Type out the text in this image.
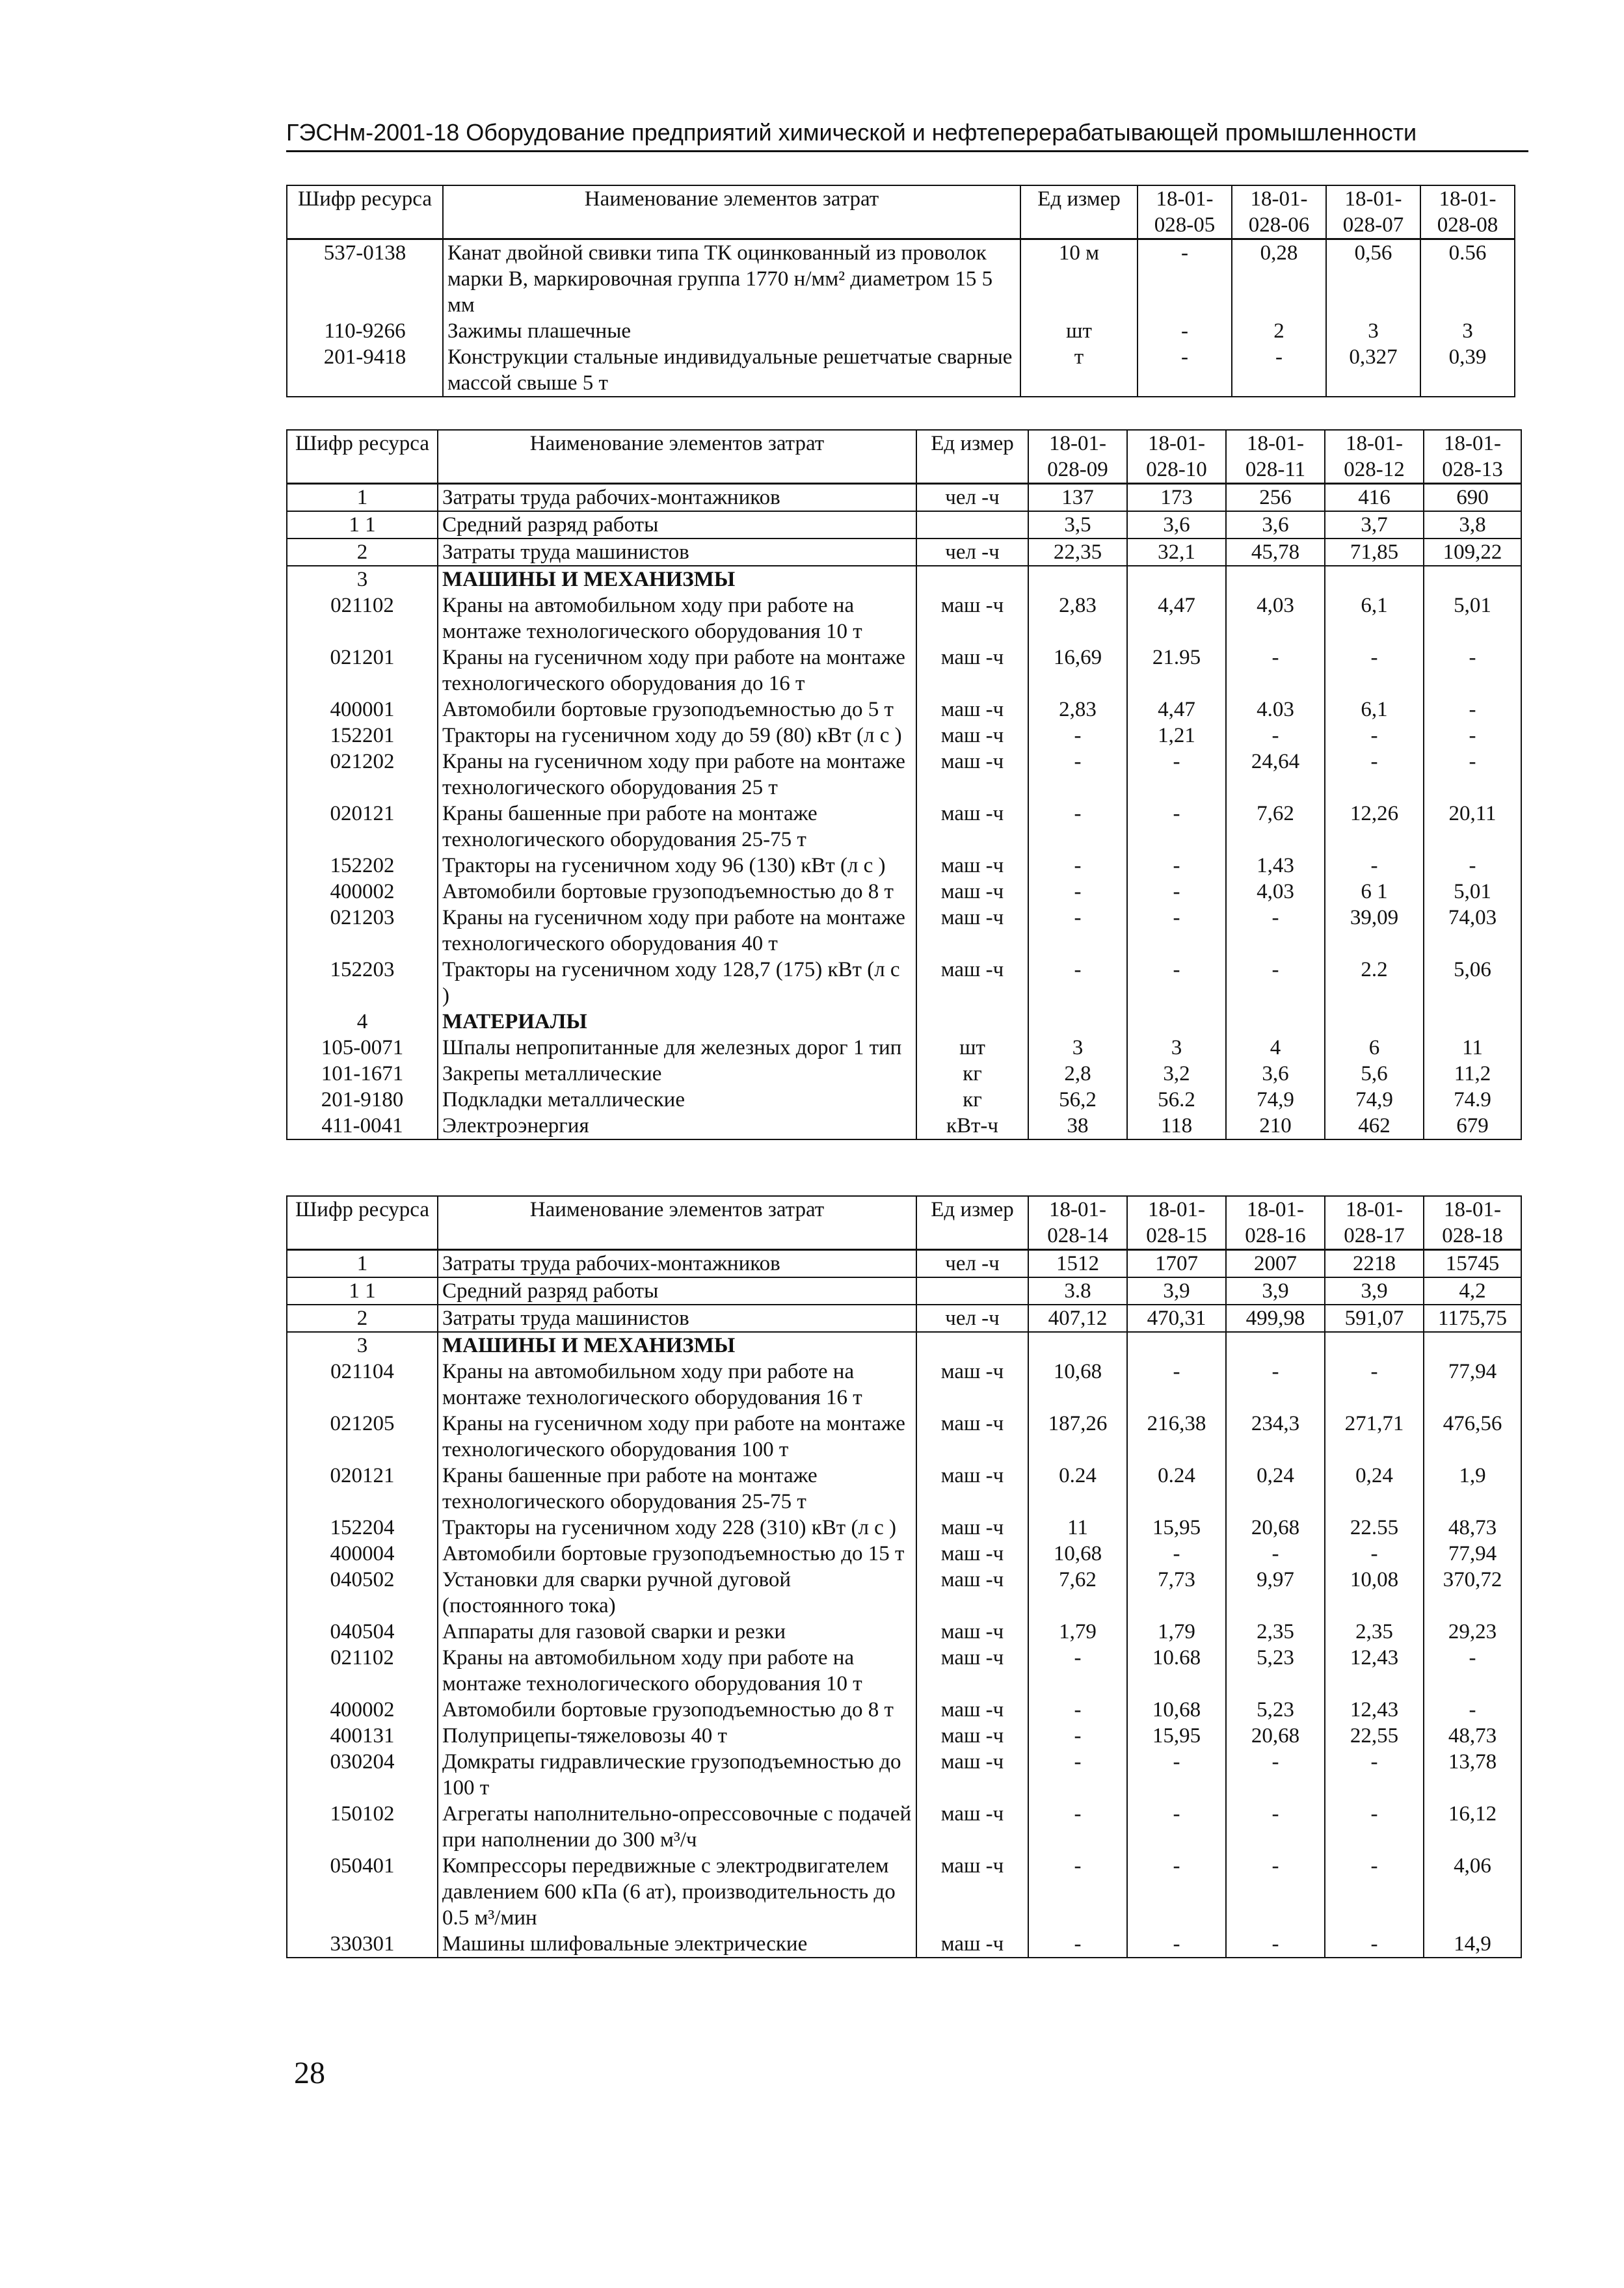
ГЭСНм-2001-18 Оборудование предприятий химической и нефтеперерабатывающей промышленности
Шифр ресурса	Наименование элементов затрат	Ед измер	18-01-028-05	18-01-028-06	18-01-028-07	18-01-028-08
537-0138	Канат двойной свивки типа ТК оцинкованный из проволок марки В, маркировочная группа 1770 н/мм² диаметром 15 5 мм	10 м	-	0,28	0,56	0.56
110-9266	Зажимы плашечные	шт	-	2	3	3
201-9418	Конструкции стальные индивидуальные решетчатые сварные массой свыше 5 т	т	-	-	0,327	0,39
Шифр ресурса	Наименование элементов затрат	Ед измер	18-01-028-09	18-01-028-10	18-01-028-11	18-01-028-12	18-01-028-13
1	Затраты труда рабочих-монтажников	чел -ч	137	173	256	416	690
1 1	Средний разряд работы		3,5	3,6	3,6	3,7	3,8
2	Затраты труда машинистов	чел -ч	22,35	32,1	45,78	71,85	109,22
3	МАШИНЫ И МЕХАНИЗМЫ						
021102	Краны на автомобильном ходу при работе на монтаже технологического оборудования 10 т	маш -ч	2,83	4,47	4,03	6,1	5,01
021201	Краны на гусеничном ходу при работе на монтаже технологического оборудования до 16 т	маш -ч	16,69	21.95	-	-	-
400001	Автомобили бортовые грузоподъемностью до 5 т	маш -ч	2,83	4,47	4.03	6,1	-
152201	Тракторы на гусеничном ходу до 59 (80) кВт (л с )	маш -ч	-	1,21	-	-	-
021202	Краны на гусеничном ходу при работе на монтаже технологического оборудования 25 т	маш -ч	-	-	24,64	-	-
020121	Краны башенные при работе на монтаже технологического оборудования 25-75 т	маш -ч	-	-	7,62	12,26	20,11
152202	Тракторы на гусеничном ходу 96 (130) кВт (л с )	маш -ч	-	-	1,43	-	-
400002	Автомобили бортовые грузоподъемностью до 8 т	маш -ч	-	-	4,03	6 1	5,01
021203	Краны на гусеничном ходу при работе на монтаже технологического оборудования 40 т	маш -ч	-	-	-	39,09	74,03
152203	Тракторы на гусеничном ходу 128,7 (175) кВт (л с )	маш -ч	-	-	-	2.2	5,06
4	МАТЕРИАЛЫ						
105-0071	Шпалы непропитанные для железных дорог 1 тип	шт	3	3	4	6	11
101-1671	Закрепы металлические	кг	2,8	3,2	3,6	5,6	11,2
201-9180	Подкладки металлические	кг	56,2	56.2	74,9	74,9	74.9
411-0041	Электроэнергия	кВт-ч	38	118	210	462	679
Шифр ресурса	Наименование элементов затрат	Ед измер	18-01-028-14	18-01-028-15	18-01-028-16	18-01-028-17	18-01-028-18
1	Затраты труда рабочих-монтажников	чел -ч	1512	1707	2007	2218	15745
1 1	Средний разряд работы		3.8	3,9	3,9	3,9	4,2
2	Затраты труда машинистов	чел -ч	407,12	470,31	499,98	591,07	1175,75
3	МАШИНЫ И МЕХАНИЗМЫ						
021104	Краны на автомобильном ходу при работе на монтаже технологического оборудования 16 т	маш -ч	10,68	-	-	-	77,94
021205	Краны на гусеничном ходу при работе на монтаже технологического оборудования 100 т	маш -ч	187,26	216,38	234,3	271,71	476,56
020121	Краны башенные при работе на монтаже технологического оборудования 25-75 т	маш -ч	0.24	0.24	0,24	0,24	1,9
152204	Тракторы на гусеничном ходу 228 (310) кВт (л с )	маш -ч	11	15,95	20,68	22.55	48,73
400004	Автомобили бортовые грузоподъемностью до 15 т	маш -ч	10,68	-	-	-	77,94
040502	Установки для сварки ручной дуговой (постоянного тока)	маш -ч	7,62	7,73	9,97	10,08	370,72
040504	Аппараты для газовой сварки и резки	маш -ч	1,79	1,79	2,35	2,35	29,23
021102	Краны на автомобильном ходу при работе на монтаже технологического оборудования 10 т	маш -ч	-	10.68	5,23	12,43	-
400002	Автомобили бортовые грузоподъемностью до 8 т	маш -ч	-	10,68	5,23	12,43	-
400131	Полуприцепы-тяжеловозы 40 т	маш -ч	-	15,95	20,68	22,55	48,73
030204	Домкраты гидравлические грузоподъемностью до 100 т	маш -ч	-	-	-	-	13,78
150102	Агрегаты наполнительно-опрессовочные с подачей при наполнении до 300 м³/ч	маш -ч	-	-	-	-	16,12
050401	Компрессоры передвижные с электродвигателем давлением 600 кПа (6 ат), производительность до 0.5 м³/мин	маш -ч	-	-	-	-	4,06
330301	Машины шлифовальные электрические	маш -ч	-	-	-	-	14,9
28
